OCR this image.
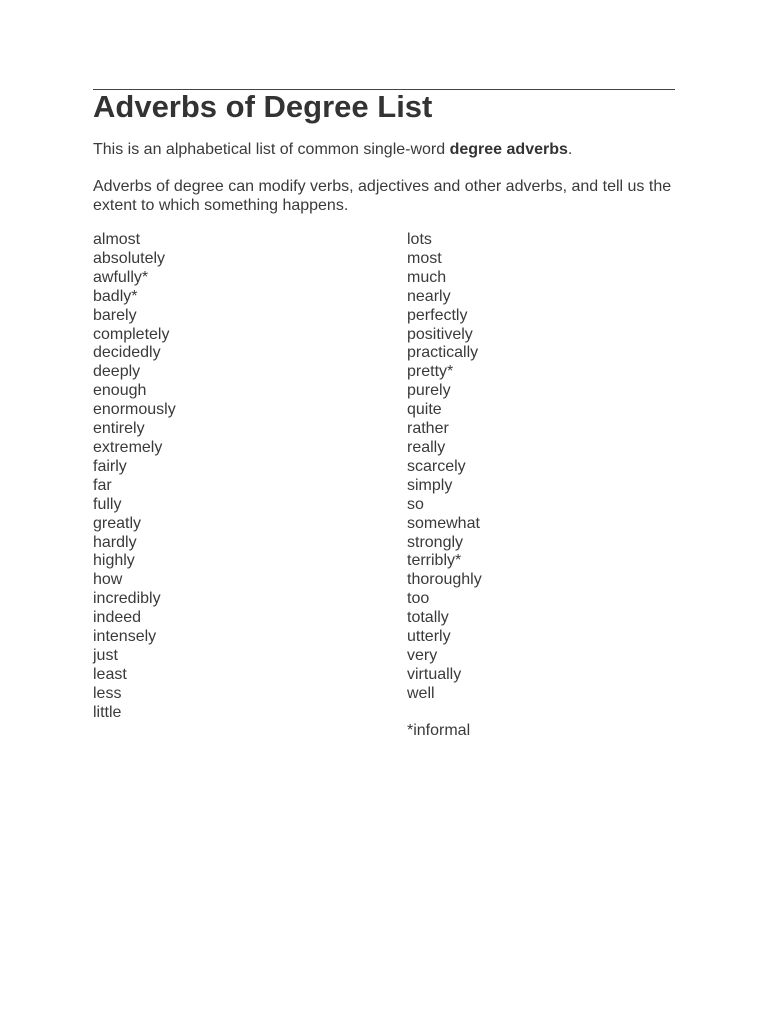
Adverbs of Degree List

This is an alphabetical list of common single-word degree adverbs.

Adverbs of degree can modify verbs, adjectives and other adverbs, and tell us the extent to which something happens.

almost
absolutely
awfully*
badly*
barely
completely
decidedly
deeply
enough
enormously
entirely
extremely
fairly
far
fully
greatly
hardly
highly
how
incredibly
indeed
intensely
just
least
less
little
lots
most
much
nearly
perfectly
positively
practically
pretty*
purely
quite
rather
really
scarcely
simply
so
somewhat
strongly
terribly*
thoroughly
too
totally
utterly
very
virtually
well

*informal
